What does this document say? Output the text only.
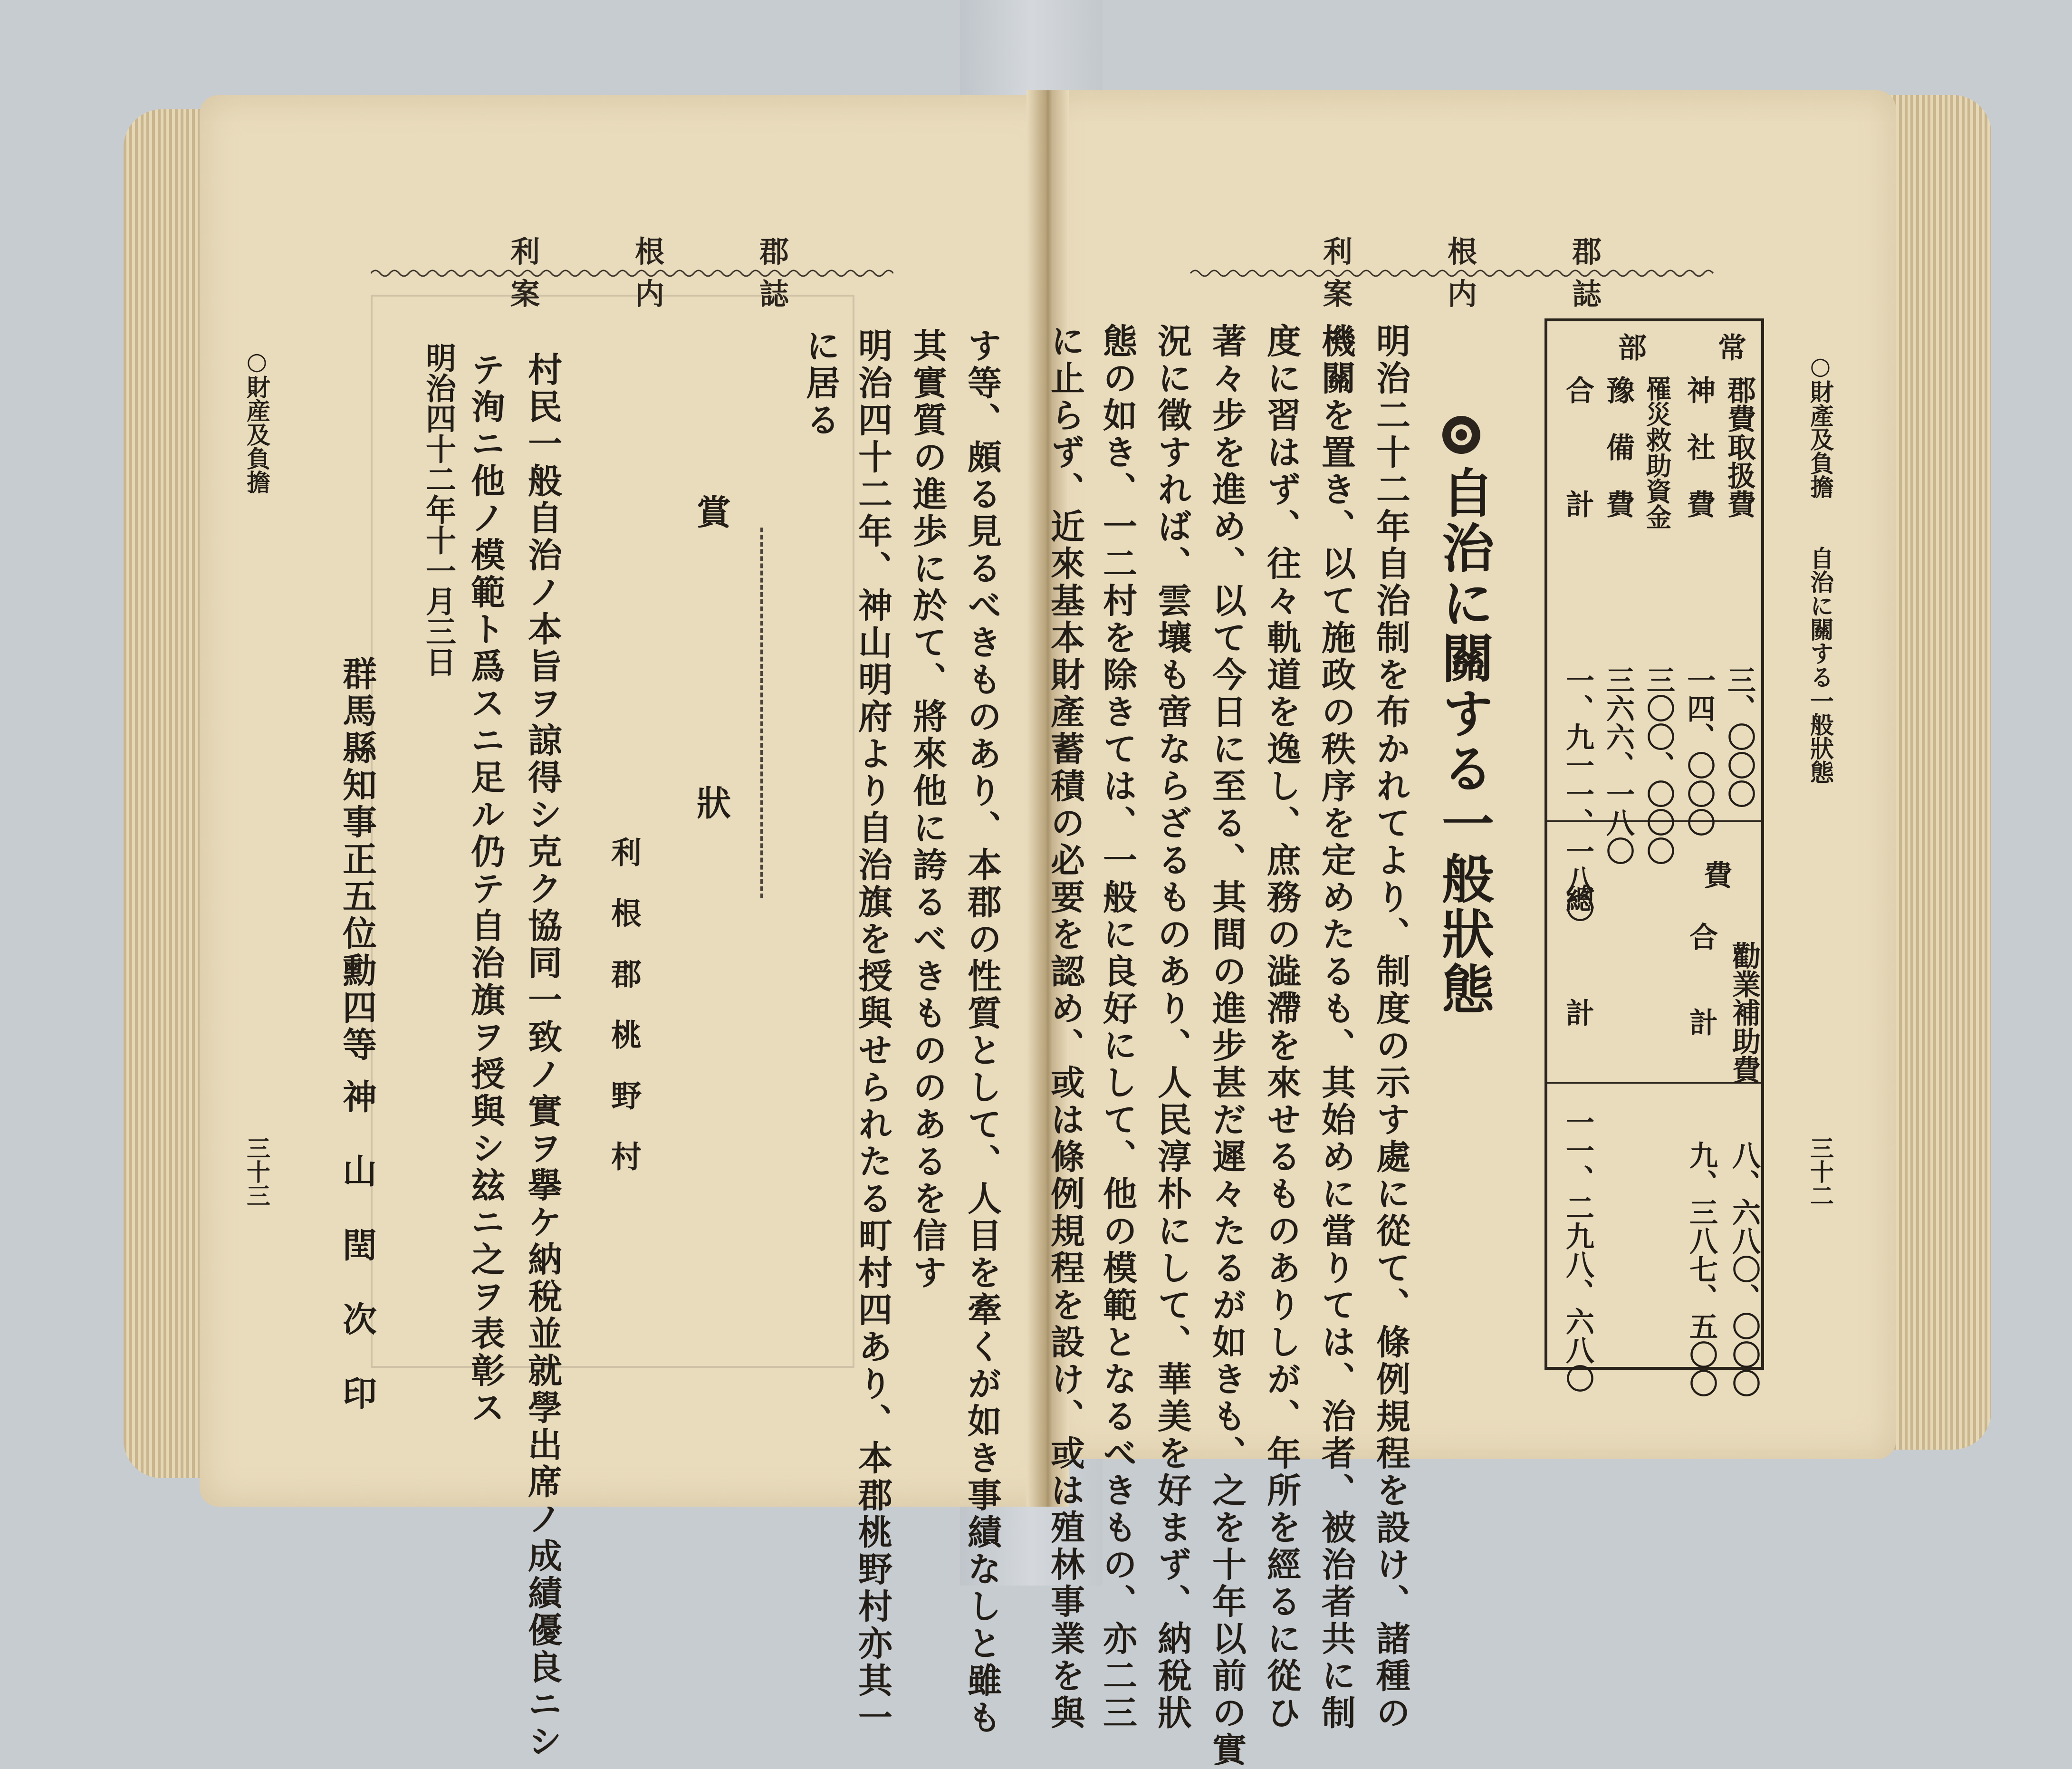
利根郡案内誌
○財産及負擔
三十三	す等、頗る見るべきものあり、本郡の性質として、人目を牽くが如き事績なしと雖も
其實質の進歩に於て、將來他に誇るべきもののあるを信す
明治四十二年、神山明府より自治旗を授與せられたる町村四あり、本郡桃野村亦其一
に居る
賞　　　　　狀
利　根　郡　桃　野　村
村民一般自治ノ本旨ヲ諒得シ克ク協同一致ノ實ヲ擧ケ納稅並就學出席ノ成績優良ニシ
テ洵ニ他ノ模範ト爲スニ足ル仍テ自治旗ヲ授與シ玆ニ之ヲ表彰ス
明治四十二年十一月三日
群馬縣知事正五位勳四等
神　山　閏　次　印
利根郡案内誌
○財產及負擔　　自治に關する一般狀態
三十二
常
部
郡費取扱費
神　社　費
罹災救助資金
豫　備　費
合　　　計
三、〇〇〇
一四、〇〇〇
三〇〇、〇〇〇
三六六、一八〇
一、九一一、一八〇	費
勸業補助費
合　　計
總　　　計
八、六八〇、〇〇〇
九、三八七、五〇〇
一一、二九八、六八〇
自治に關する一般狀態
明治二十二年自治制を布かれてより、制度の示す處に從て、條例規程を設け、諸種の
機關を置き、以て施政の秩序を定めたるも、其始めに當りては、治者、被治者共に制
度に習はず、往々軌道を逸し、庶務の澁滯を來せるものありしが、年所を經るに從ひ
著々步を進め、以て今日に至る、其間の進步甚だ遲々たるが如きも、之を十年以前の實
況に徵すれば、雲壤も啻ならざるものあり、人民淳朴にして、華美を好まず、納稅狀
態の如き、一二村を除きては、一般に良好にして、他の模範となるべきもの、亦二三
に止らず、近來基本財產蓄積の必要を認め、或は條例規程を設け、或は殖林事業を與
